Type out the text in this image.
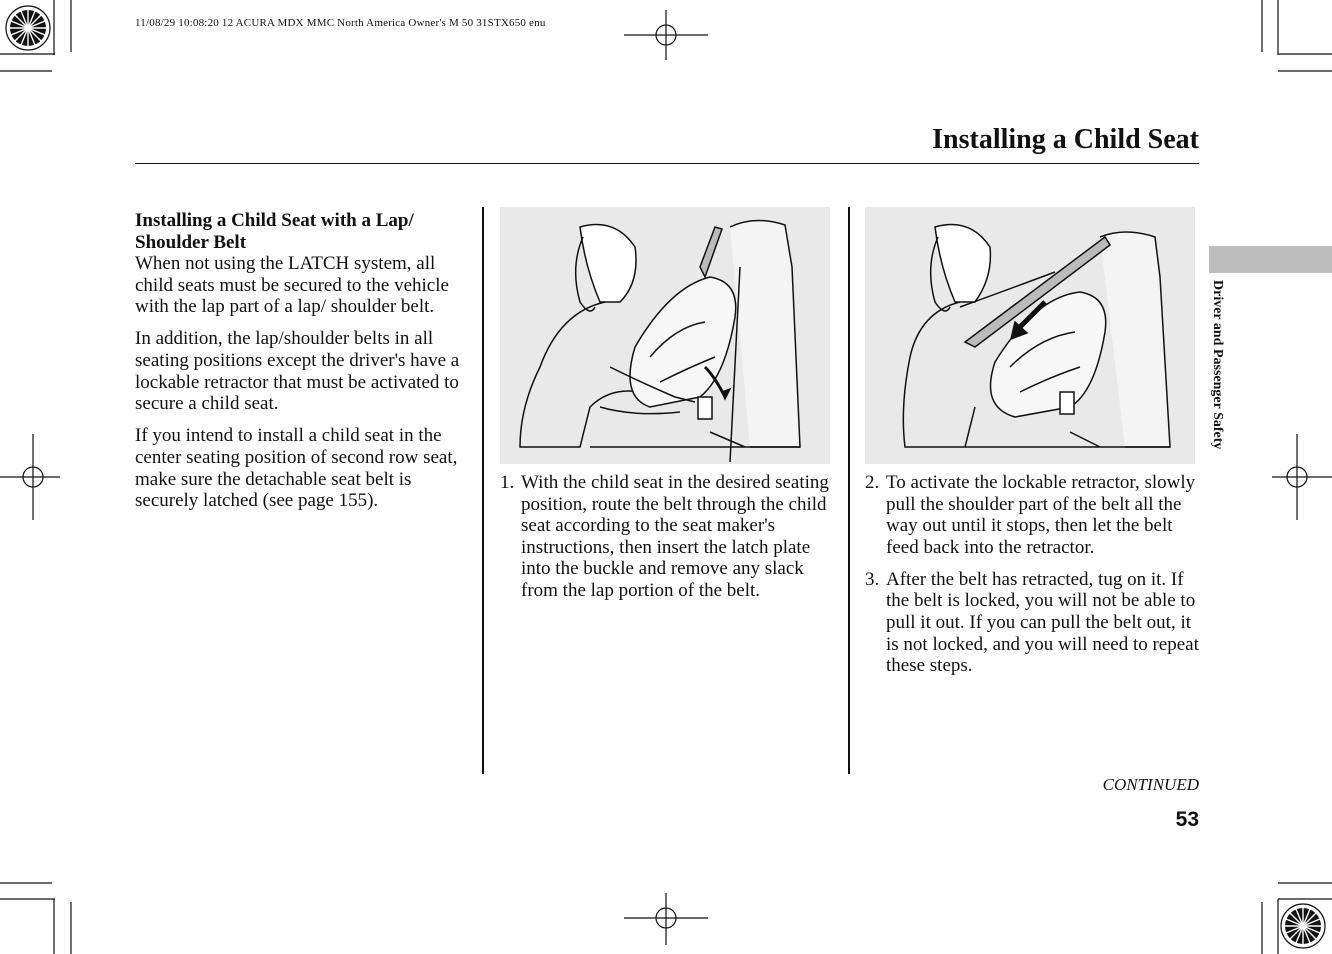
11/08/29 10:08:20 12 ACURA MDX MMC North America Owner's M 50 31STX650 enu
Installing a Child Seat
Driver and Passenger Safety

Installing a Child Seat with a Lap/ Shoulder Belt

When not using the LATCH system, all child seats must be secured to the vehicle with the lap part of a lap/ shoulder belt.

In addition, the lap/shoulder belts in all seating positions except the driver's have a lockable retractor that must be activated to secure a child seat.

If you intend to install a child seat in the center seating position of second row seat, make sure the detachable seat belt is securely latched (see page 155).

1. With the child seat in the desired seating position, route the belt through the child seat according to the seat maker's instructions, then insert the latch plate into the buckle and remove any slack from the lap portion of the belt.

2. To activate the lockable retractor, slowly pull the shoulder part of the belt all the way out until it stops, then let the belt feed back into the retractor.

3. After the belt has retracted, tug on it. If the belt is locked, you will not be able to pull it out. If you can pull the belt out, it is not locked, and you will need to repeat these steps.

CONTINUED
53
